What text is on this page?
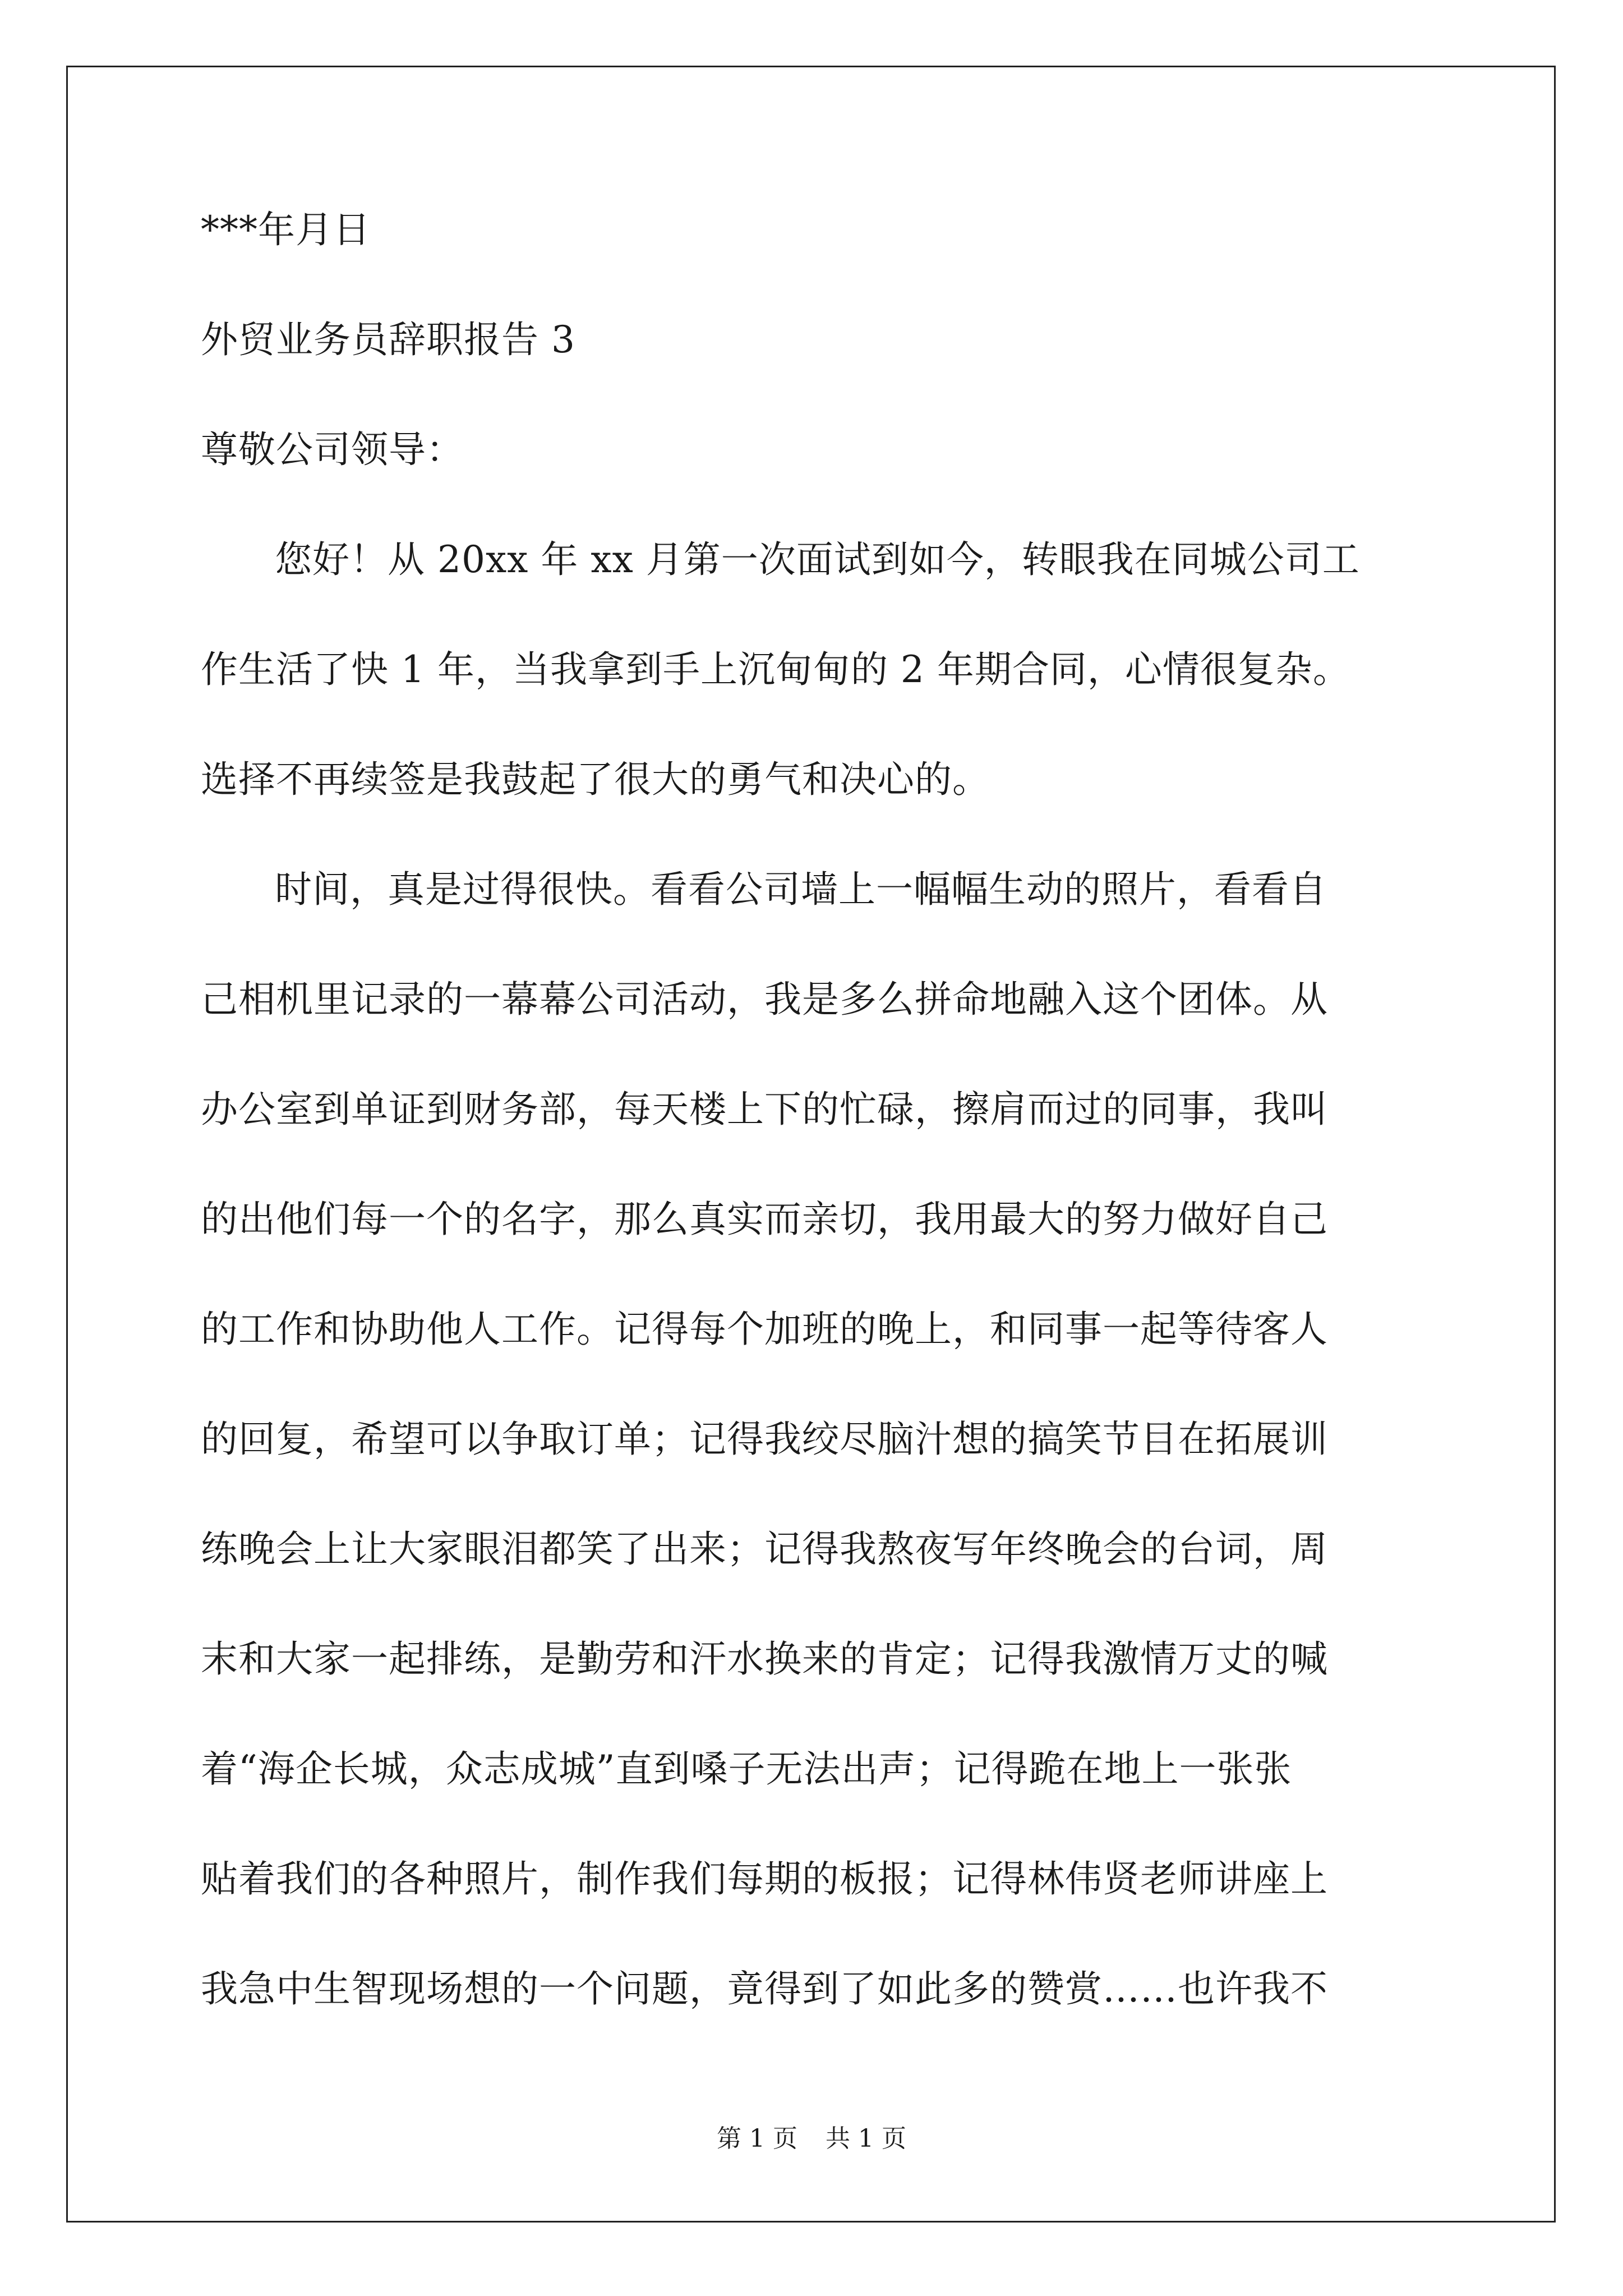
***年月日
外贸业务员辞职报告 3
尊敬公司领导：
您好！从 20xx 年 xx 月第一次面试到如今，转眼我在同城公司工
作生活了快 1 年，当我拿到手上沉甸甸的 2 年期合同，心情很复杂。
选择不再续签是我鼓起了很大的勇气和决心的。
时间，真是过得很快。看看公司墙上一幅幅生动的照片，看看自
己相机里记录的一幕幕公司活动，我是多么拼命地融入这个团体。从
办公室到单证到财务部，每天楼上下的忙碌，擦肩而过的同事，我叫
的出他们每一个的名字，那么真实而亲切，我用最大的努力做好自己
的工作和协助他人工作。记得每个加班的晚上，和同事一起等待客人
的回复，希望可以争取订单；记得我绞尽脑汁想的搞笑节目在拓展训
练晚会上让大家眼泪都笑了出来；记得我熬夜写年终晚会的台词，周
末和大家一起排练，是勤劳和汗水换来的肯定；记得我激情万丈的喊
着“海企长城，众志成城”直到嗓子无法出声；记得跪在地上一张张
贴着我们的各种照片，制作我们每期的板报；记得林伟贤老师讲座上
我急中生智现场想的一个问题，竟得到了如此多的赞赏……也许我不
第 1 页 共 1 页
